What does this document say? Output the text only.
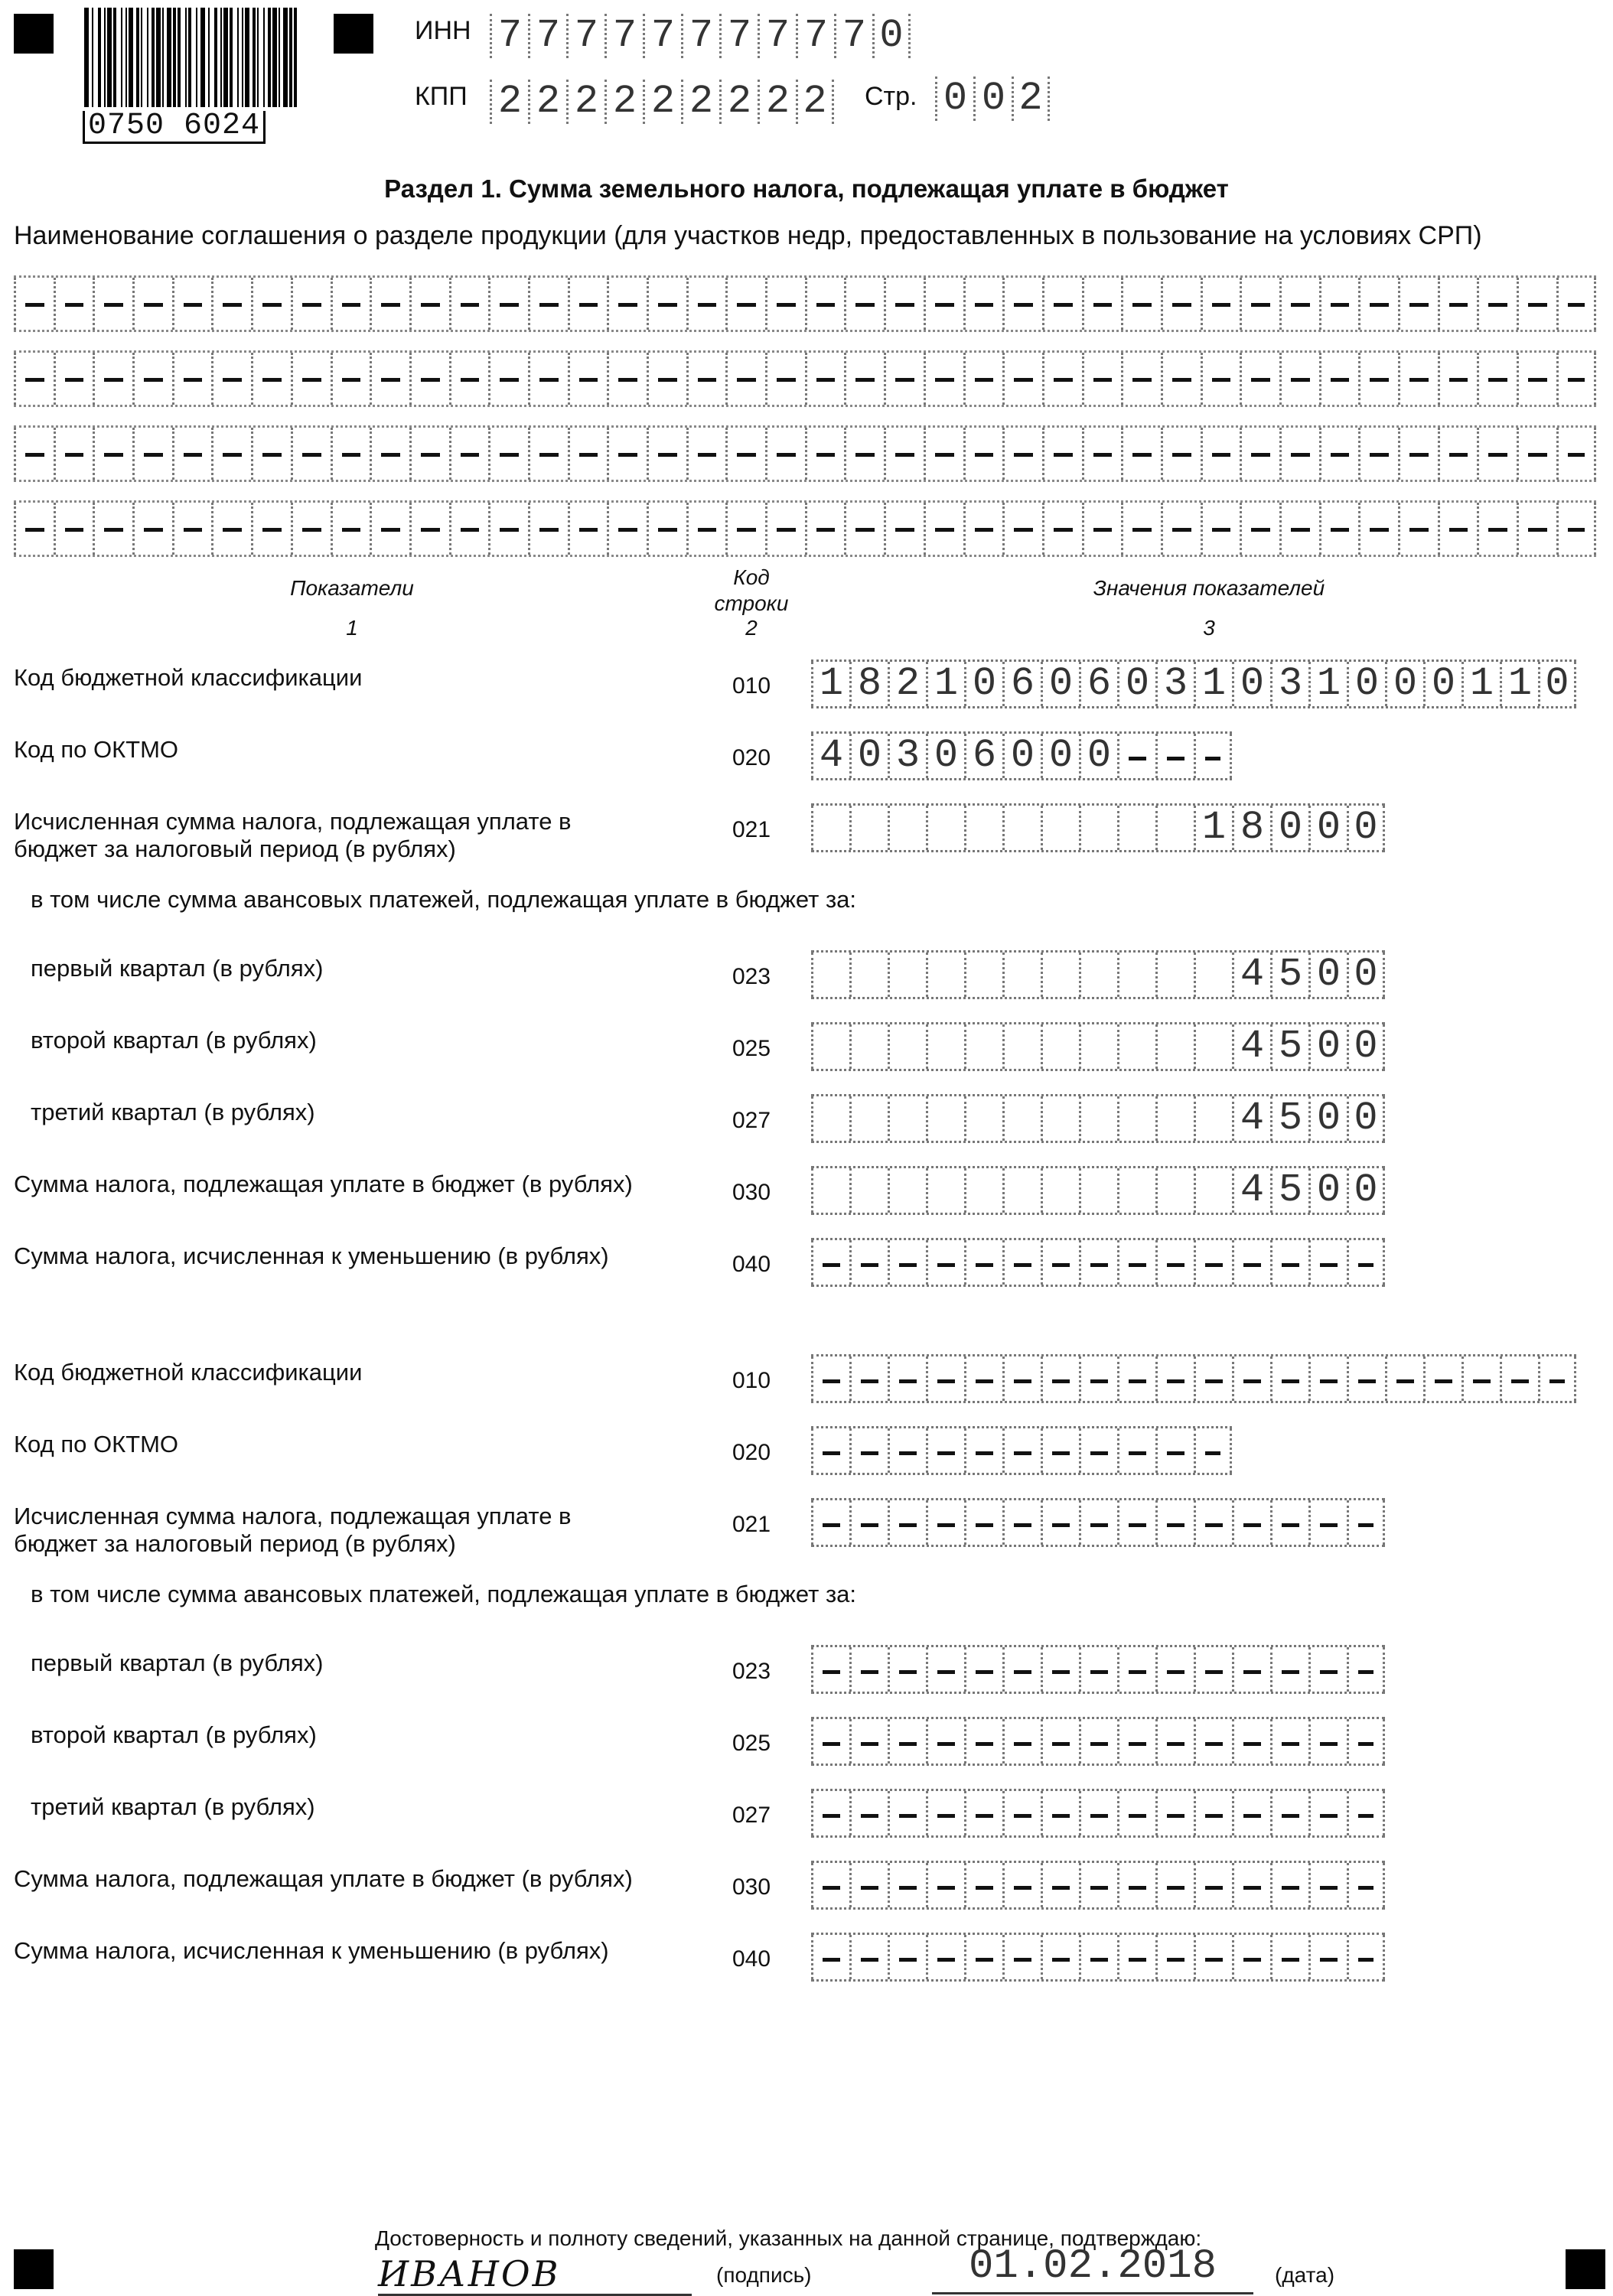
0750 6024
ИНН 7 7 7 7 7 7 7 7 7 7 0
КПП 2 2 2 2 2 2 2 2 2 Стр. 0 0 2
Раздел 1. Сумма земельного налога, подлежащая уплате в бюджет
Наименование соглашения о разделе продукции (для участков недр, предоставленных в пользование на условиях СРП)
Показатели
1
Код
строки
2
Значения показателей
3
Код бюджетной классификации	010	1 8 2 1 0 6 0 6 0 3 1 0 3 1 0 0 0 1 1 0
Код по ОКТМО	020	4 0 3 0 6 0 0 0
Исчисленная сумма налога, подлежащая уплате в
бюджет за налоговый период (в рублях)
021	1 8 0 0 0
в том числе сумма авансовых платежей, подлежащая уплате в бюджет за:
первый квартал (в рублях)	023	4 5 0 0
второй квартал (в рублях)	025	4 5 0 0
третий квартал (в рублях)	027	4 5 0 0
Сумма налога, подлежащая уплате в бюджет (в рублях)	030	4 5 0 0
Сумма налога, исчисленная к уменьшению (в рублях)	040
Код бюджетной классификации	010
Код по ОКТМО	020
Исчисленная сумма налога, подлежащая уплате в
бюджет за налоговый период (в рублях)
021
в том числе сумма авансовых платежей, подлежащая уплате в бюджет за:
первый квартал (в рублях)	023
второй квартал (в рублях)	025
третий квартал (в рублях)	027
Сумма налога, подлежащая уплате в бюджет (в рублях)	030
Сумма налога, исчисленная к уменьшению (в рублях)	040
Достоверность и полноту сведений, указанных на данной странице, подтверждаю:
ИВАНОВ	(подпись)	01.02.2018	(дата)
